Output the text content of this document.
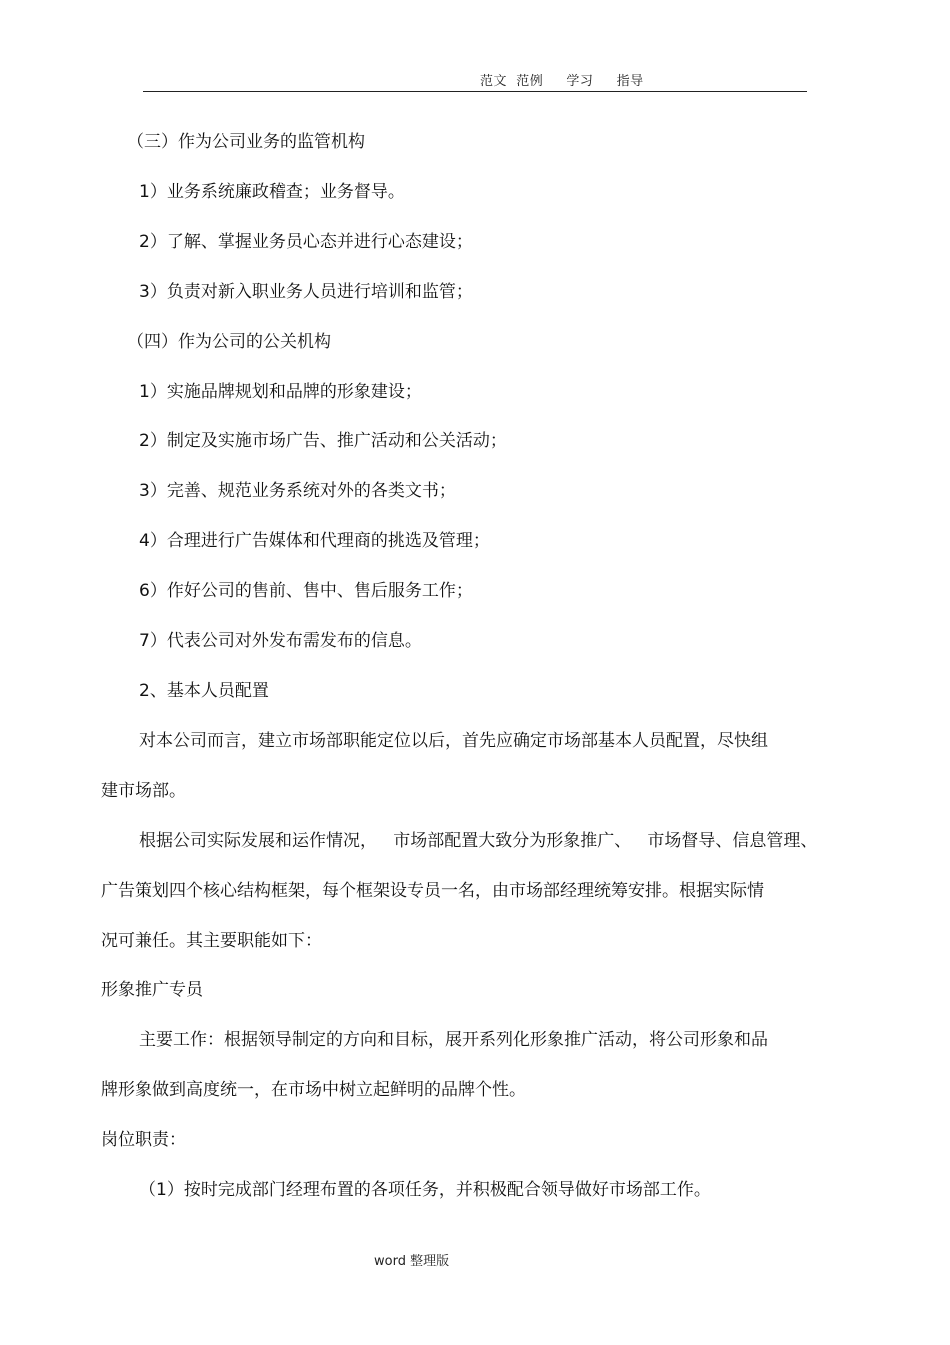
范文  范例     学习     指导
（三）作为公司业务的监管机构
1）业务系统廉政稽查；业务督导。
2）了解、掌握业务员心态并进行心态建设；
3）负责对新入职业务人员进行培训和监管；
（四）作为公司的公关机构
1）实施品牌规划和品牌的形象建设；
2）制定及实施市场广告、推广活动和公关活动；
3）完善、规范业务系统对外的各类文书；
4）合理进行广告媒体和代理商的挑选及管理；
6）作好公司的售前、售中、售后服务工作；
7）代表公司对外发布需发布的信息。
2、基本人员配置
对本公司而言，建立市场部职能定位以后，首先应确定市场部基本人员配置，尽快组
建市场部。
根据公司实际发展和运作情况，   市场部配置大致分为形象推广、   市场督导、信息管理、
广告策划四个核心结构框架，每个框架设专员一名，由市场部经理统筹安排。根据实际情
况可兼任。其主要职能如下：
形象推广专员
主要工作：根据领导制定的方向和目标，展开系列化形象推广活动，将公司形象和品
牌形象做到高度统一，在市场中树立起鲜明的品牌个性。
岗位职责：
（1）按时完成部门经理布置的各项任务，并积极配合领导做好市场部工作。
word 整理版
